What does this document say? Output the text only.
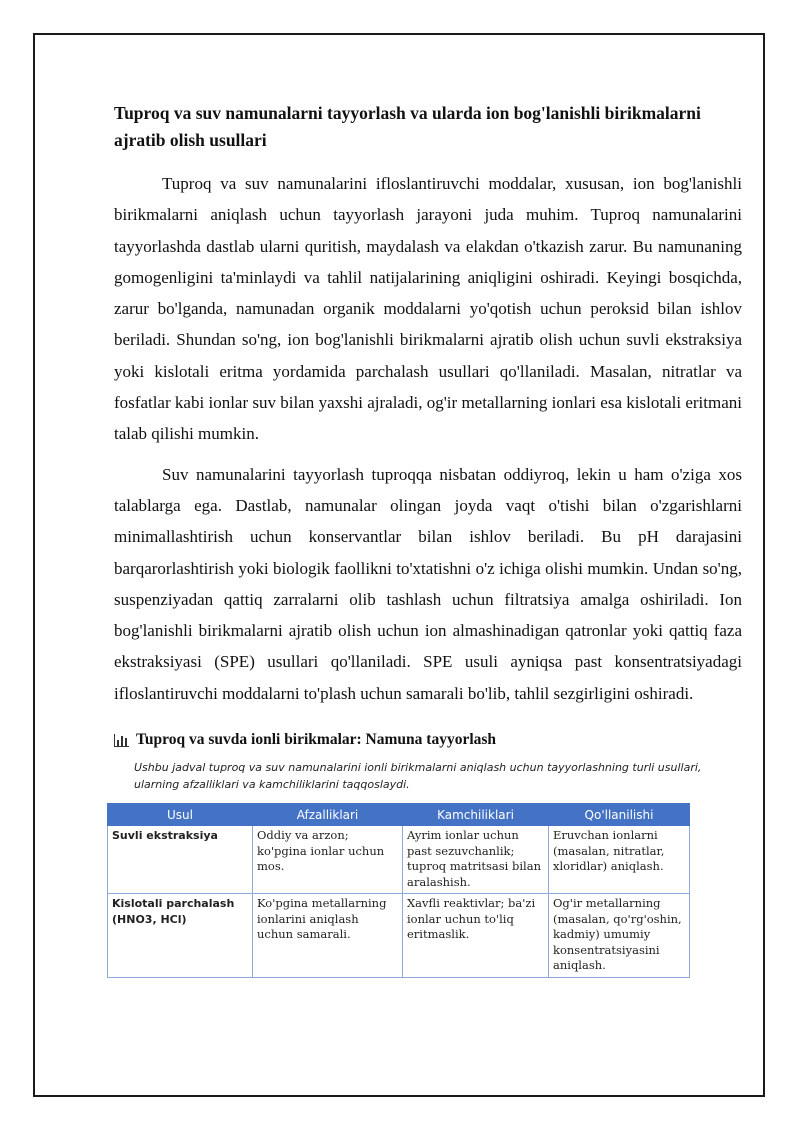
Tuproq va suv namunalarni tayyorlash va ularda ion bog'lanishli birikmalarni ajratib olish usullari

Tuproq va suv namunalarini ifloslantiruvchi moddalar, xususan, ion bog'lanishli birikmalarni aniqlash uchun tayyorlash jarayoni juda muhim. Tuproq namunalarini tayyorlashda dastlab ularni quritish, maydalash va elakdan o'tkazish zarur. Bu namunaning gomogenligini ta'minlaydi va tahlil natijalarining aniqligini oshiradi. Keyingi bosqichda, zarur bo'lganda, namunadan organik moddalarni yo'qotish uchun peroksid bilan ishlov beriladi. Shundan so'ng, ion bog'lanishli birikmalarni ajratib olish uchun suvli ekstraksiya yoki kislotali eritma yordamida parchalash usullari qo'llaniladi. Masalan, nitratlar va fosfatlar kabi ionlar suv bilan yaxshi ajraladi, og'ir metallarning ionlari esa kislotali eritmani talab qilishi mumkin.

Suv namunalarini tayyorlash tuproqqa nisbatan oddiyroq, lekin u ham o'ziga xos talablarga ega. Dastlab, namunalar olingan joyda vaqt o'tishi bilan o'zgarishlarni minimallashtirish uchun konservantlar bilan ishlov beriladi. Bu pH darajasini barqarorlashtirish yoki biologik faollikni to'xtatishni o'z ichiga olishi mumkin. Undan so'ng, suspenziyadan qattiq zarralarni olib tashlash uchun filtratsiya amalga oshiriladi. Ion bog'lanishli birikmalarni ajratib olish uchun ion almashinadigan qatronlar yoki qattiq faza ekstraksiyasi (SPE) usullari qo'llaniladi. SPE usuli ayniqsa past konsentratsiyadagi ifloslantiruvchi moddalarni to'plash uchun samarali bo'lib, tahlil sezgirligini oshiradi.

Tuproq va suvda ionli birikmalar: Namuna tayyorlash
Ushbu jadval tuproq va suv namunalarini ionli birikmalarni aniqlash uchun tayyorlashning turli usullari, ularning afzalliklari va kamchiliklarini taqqoslaydi.
Usul	Afzalliklari	Kamchiliklari	Qo'llanilishi
Suvli ekstraksiya	Oddiy va arzon; ko'pgina ionlar uchun mos.	Ayrim ionlar uchun past sezuvchanlik; tuproq matritsasi bilan aralashish.	Eruvchan ionlarni (masalan, nitratlar, xloridlar) aniqlash.
Kislotali parchalash (HNO3, HCl)	Ko'pgina metallarning ionlarini aniqlash uchun samarali.	Xavfli reaktivlar; ba'zi ionlar uchun to'liq eritmaslik.	Og'ir metallarning (masalan, qo'rg'oshin, kadmiy) umumiy konsentratsiyasini aniqlash.
